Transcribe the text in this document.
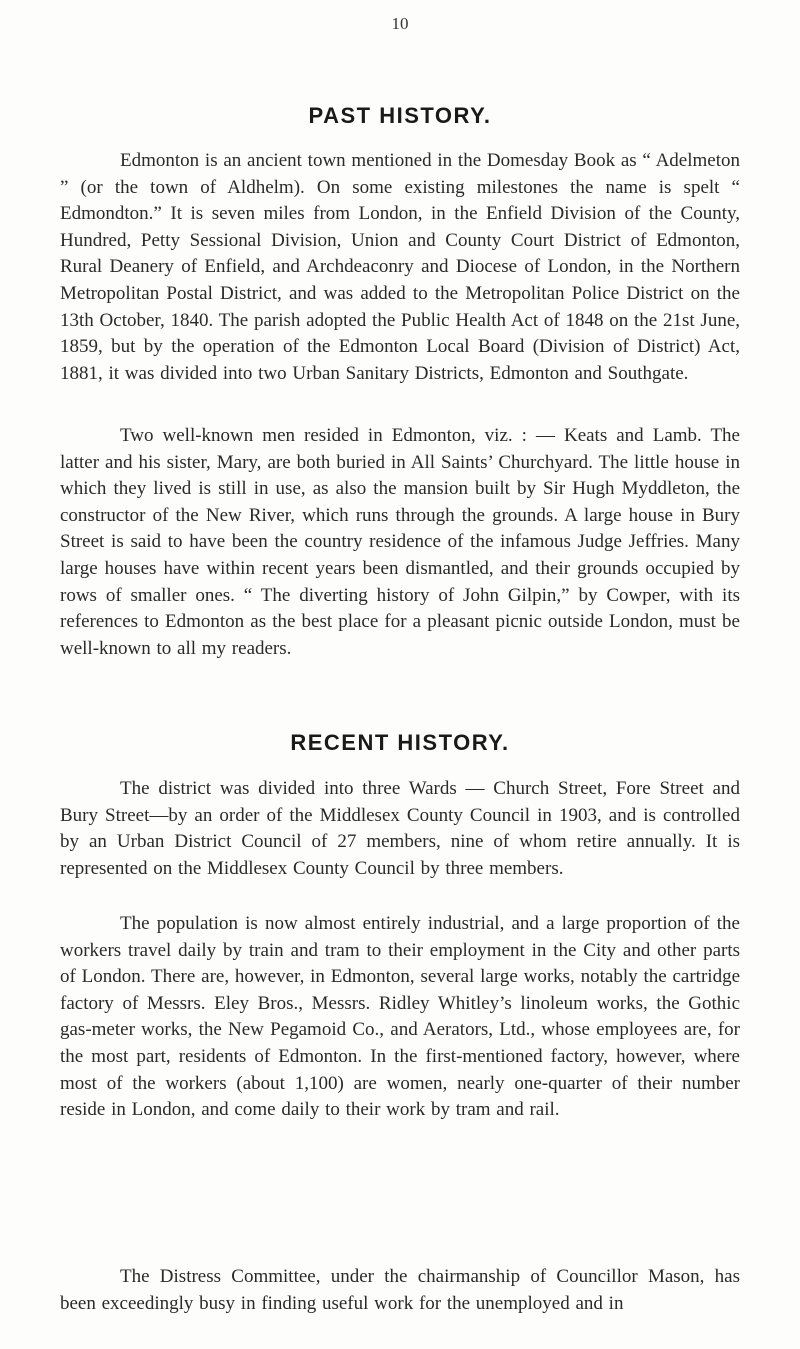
10
PAST HISTORY.

Edmonton is an ancient town mentioned in the Domesday Book as “ Adelmeton ” (or the town of Aldhelm). On some existing milestones the name is spelt “ Edmondton.” It is seven miles from London, in the Enfield Division of the County, Hundred, Petty Sessional Division, Union and County Court District of Edmonton, Rural Deanery of Enfield, and Archdeaconry and Diocese of London, in the Northern Metropolitan Postal District, and was added to the Metropolitan Police District on the 13th October, 1840. The parish adopted the Public Health Act of 1848 on the 21st June, 1859, but by the operation of the Edmonton Local Board (Division of District) Act, 1881, it was divided into two Urban Sanitary Districts, Edmonton and Southgate.

Two well-known men resided in Edmonton, viz. : — Keats and Lamb. The latter and his sister, Mary, are both buried in All Saints’ Churchyard. The little house in which they lived is still in use, as also the mansion built by Sir Hugh Myddleton, the constructor of the New River, which runs through the grounds. A large house in Bury Street is said to have been the country residence of the infamous Judge Jeffries. Many large houses have within recent years been dismantled, and their grounds occupied by rows of smaller ones. “ The diverting history of John Gilpin,” by Cowper, with its references to Edmonton as the best place for a pleasant picnic outside London, must be well-known to all my readers.

RECENT HISTORY.

The district was divided into three Wards — Church Street, Fore Street and Bury Street—by an order of the Middlesex County Council in 1903, and is controlled by an Urban District Council of 27 members, nine of whom retire annually. It is represented on the Middlesex County Council by three members.

The population is now almost entirely industrial, and a large proportion of the workers travel daily by train and tram to their employment in the City and other parts of London. There are, however, in Edmonton, several large works, notably the cartridge factory of Messrs. Eley Bros., Messrs. Ridley Whitley’s linoleum works, the Gothic gas-meter works, the New Pegamoid Co., and Aerators, Ltd., whose employees are, for the most part, residents of Edmonton. In the first-mentioned factory, however, where most of the workers (about 1,100) are women, nearly one-quarter of their number reside in London, and come daily to their work by tram and rail.

The Distress Committee, under the chairmanship of Councillor Mason, has been exceedingly busy in finding useful work for the unemployed and in
